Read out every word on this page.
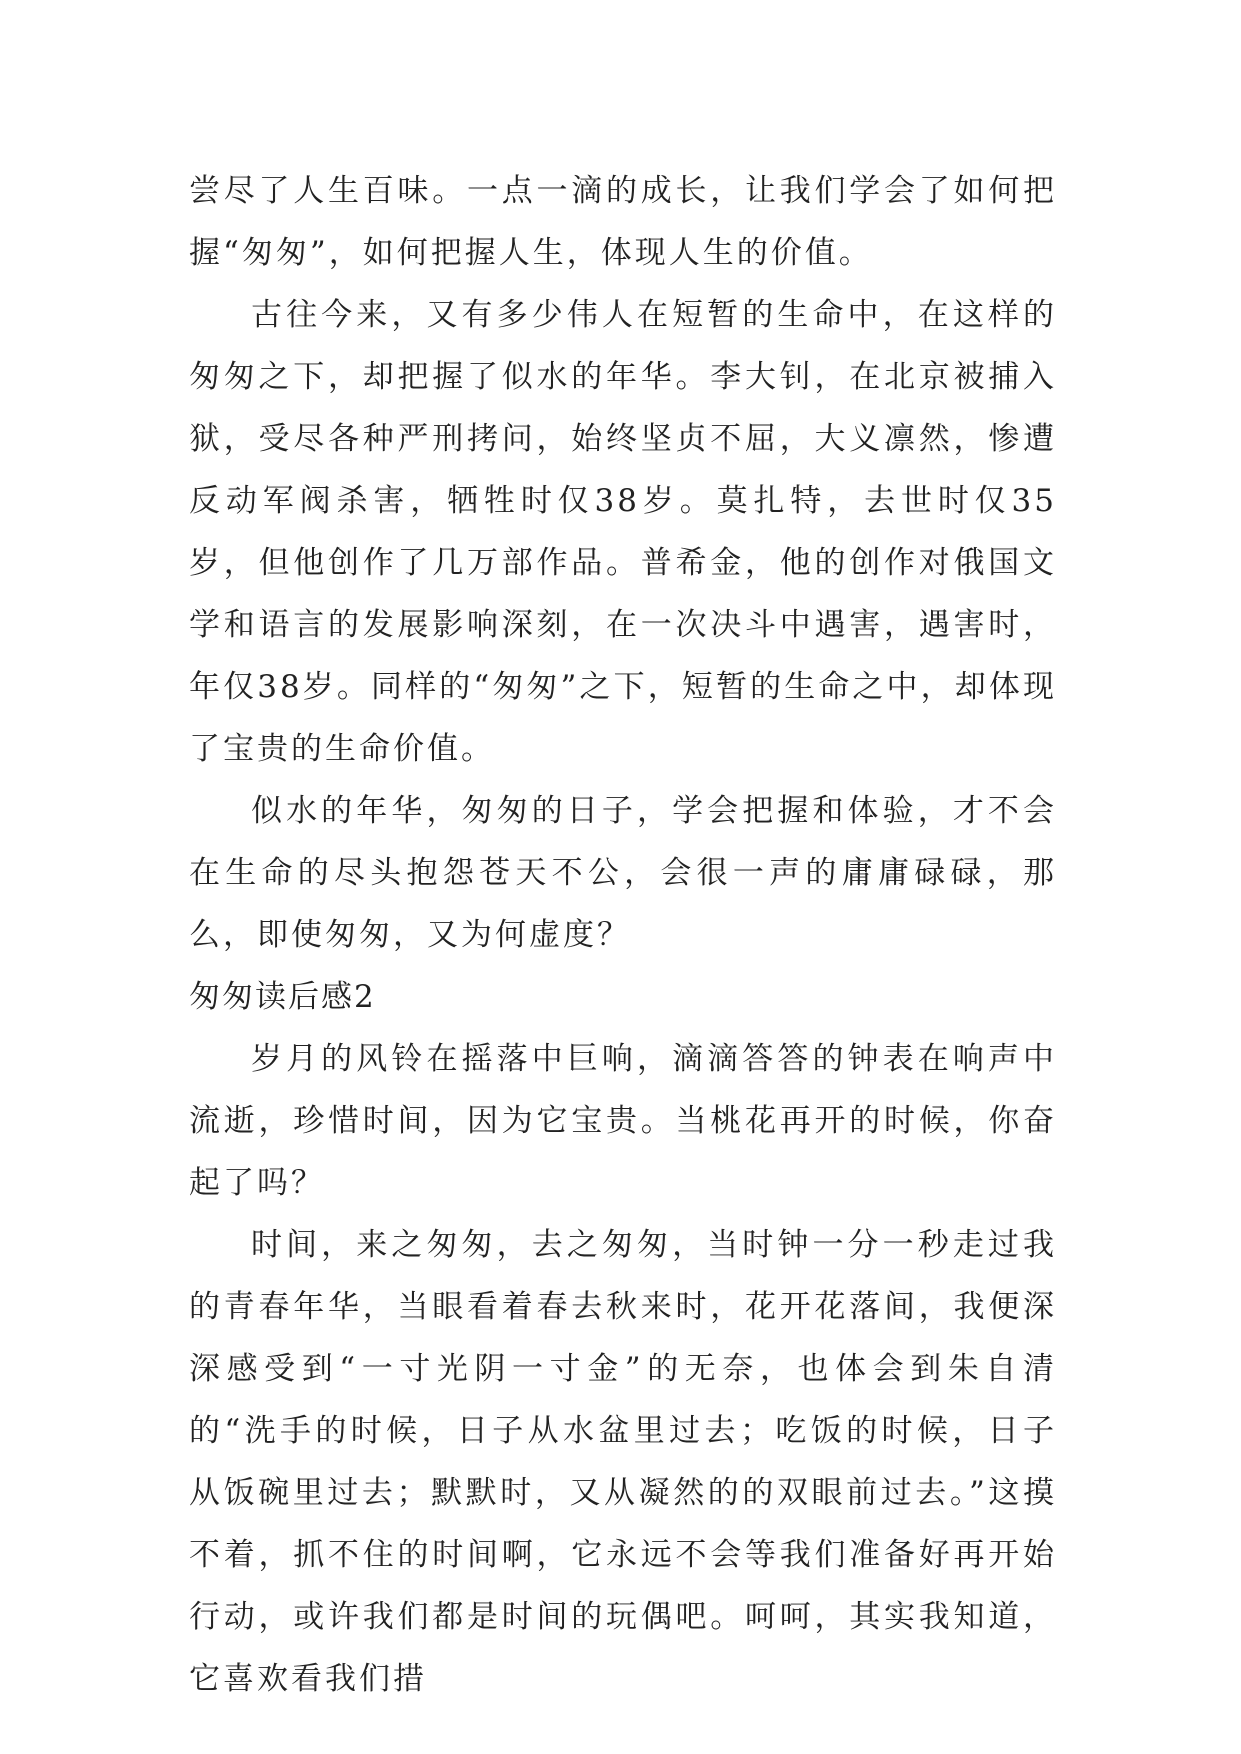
尝尽了人生百味。一点一滴的成长，让我们学会了如何把握“匆匆”，如何把握人生，体现人生的价值。

古往今来，又有多少伟人在短暂的生命中，在这样的匆匆之下，却把握了似水的年华。李大钊，在北京被捕入狱，受尽各种严刑拷问，始终坚贞不屈，大义凛然，惨遭反动军阀杀害，牺牲时仅38岁。莫扎特，去世时仅35岁，但他创作了几万部作品。普希金，他的创作对俄国文学和语言的发展影响深刻，在一次决斗中遇害，遇害时，年仅38岁。同样的“匆匆”之下，短暂的生命之中，却体现了宝贵的生命价值。

似水的年华，匆匆的日子，学会把握和体验，才不会在生命的尽头抱怨苍天不公，会很一声的庸庸碌碌，那么，即使匆匆，又为何虚度？

匆匆读后感2

岁月的风铃在摇落中巨响，滴滴答答的钟表在响声中流逝，珍惜时间，因为它宝贵。当桃花再开的时候，你奋起了吗？

时间，来之匆匆，去之匆匆，当时钟一分一秒走过我的青春年华，当眼看着春去秋来时，花开花落间，我便深深感受到“一寸光阴一寸金”的无奈，也体会到朱自清的“洗手的时候，日子从水盆里过去；吃饭的时候，日子从饭碗里过去；默默时，又从凝然的的双眼前过去。”这摸不着，抓不住的时间啊，它永远不会等我们准备好再开始行动，或许我们都是时间的玩偶吧。呵呵，其实我知道，它喜欢看我们措
